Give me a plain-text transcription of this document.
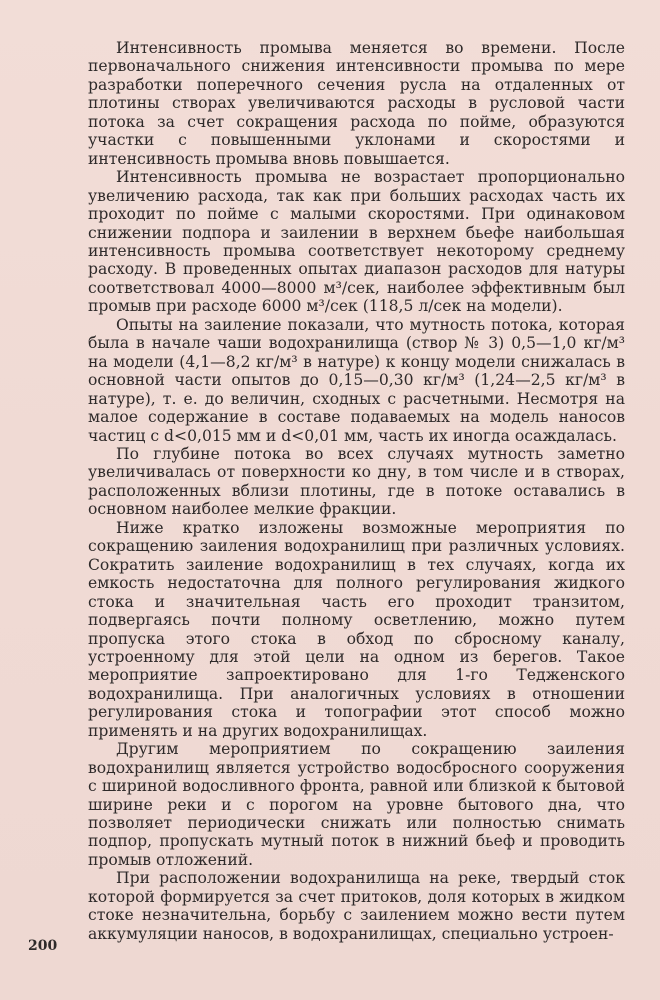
Интенсивность промыва меняется во времени. После первоначального снижения интенсивности промыва по мере разработки поперечного сечения русла на отдаленных от плотины створах увеличиваются расходы в русловой части потока за счет сокращения расхода по пойме, образуются участки с повышенными уклонами и скоростями и интенсивность промыва вновь повышается.

Интенсивность промыва не возрастает пропорционально увеличению расхода, так как при больших расходах часть их проходит по пойме с малыми скоростями. При одинаковом снижении подпора и заилении в верхнем бьефе наибольшая интенсивность промыва соответствует некоторому среднему расходу. В проведенных опытах диапазон расходов для натуры соответствовал 4000—8000 м³/сек, наиболее эффективным был промыв при расходе 6000 м³/сек (118,5 л/сек на модели).

Опыты на заиление показали, что мутность потока, которая была в начале чаши водохранилища (створ № 3) 0,5—1,0 кг/м³ на модели (4,1—8,2 кг/м³ в натуре) к концу модели снижалась в основной части опытов до 0,15—0,30 кг/м³ (1,24—2,5 кг/м³ в натуре), т. е. до величин, сходных с расчетными. Несмотря на малое содержание в составе подаваемых на модель наносов частиц с d<0,015 мм и d<0,01 мм, часть их иногда осаждалась.

По глубине потока во всех случаях мутность заметно увеличивалась от поверхности ко дну, в том числе и в створах, расположенных вблизи плотины, где в потоке оставались в основном наиболее мелкие фракции.

Ниже кратко изложены возможные мероприятия по сокращению заиления водохранилищ при различных условиях. Сократить заиление водохранилищ в тех случаях, когда их емкость недостаточна для полного регулирования жидкого стока и значительная часть его проходит транзитом, подвергаясь почти полному осветлению, можно путем пропуска этого стока в обход по сбросному каналу, устроенному для этой цели на одном из берегов. Такое мероприятие запроектировано для 1-го Тедженского водохранилища. При аналогичных условиях в отношении регулирования стока и топографии этот способ можно применять и на других водохранилищах.

Другим мероприятием по сокращению заиления водохранилищ является устройство водосбросного сооружения с шириной водосливного фронта, равной или близкой к бытовой ширине реки и с порогом на уровне бытового дна, что позволяет периодически снижать или полностью снимать подпор, пропускать мутный поток в нижний бьеф и проводить промыв отложений.

При расположении водохранилища на реке, твердый сток которой формируется за счет притоков, доля которых в жидком стоке незначительна, борьбу с заилением можно вести путем аккумуляции наносов, в водохранилищах, специально устроен-

200
